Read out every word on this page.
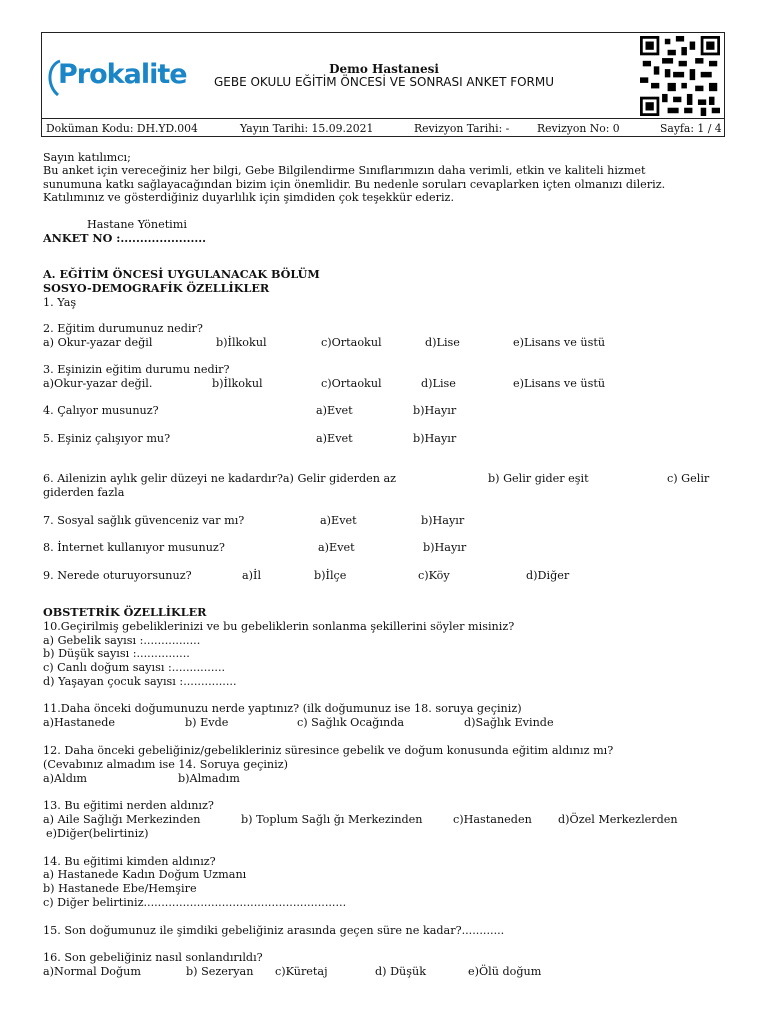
Prokalite	Demo Hastanesi
GEBE OKULU EĞİTİM ÖNCESİ VE SONRASI ANKET FORMU
Doküman Kodu: DH.YD.004	Yayın Tarihi: 15.09.2021	Revizyon Tarihi: -	Revizyon No: 0	Sayfa: 1 / 4
Sayın katılımcı;
Bu anket için vereceğiniz her bilgi, Gebe Bilgilendirme Sınıflarımızın daha verimli, etkin ve kaliteli hizmet
sunumuna katkı sağlayacağından bizim için önemlidir. Bu nedenle soruları cevaplarken içten olmanızı dileriz.
Katılımınız ve gösterdiğiniz duyarlılık için şimdiden çok teşekkür ederiz.
Hastane Yönetimi
ANKET NO :......................
A. EĞİTİM ÖNCESİ UYGULANACAK BÖLÜM
SOSYO-DEMOGRAFİK ÖZELLİKLER
1. Yaş
2. Eğitim durumunuz nedir?
a) Okur-yazar değil	b)İlkokul	c)Ortaokul	d)Lise	e)Lisans ve üstü
3. Eşinizin eğitim durumu nedir?
a)Okur-yazar değil.	b)İlkokul	c)Ortaokul	d)Lise	e)Lisans ve üstü
4. Çalıyor musunuz?	a)Evet	b)Hayır
5. Eşiniz çalışıyor mu?	a)Evet	b)Hayır
6. Ailenizin aylık gelir düzeyi ne kadardır?a) Gelir giderden az	b) Gelir gider eşit	c) Gelir
giderden fazla
7. Sosyal sağlık güvenceniz var mı?	a)Evet	b)Hayır
8. İnternet kullanıyor musunuz?	a)Evet	b)Hayır
9. Nerede oturuyorsunuz?	a)İl	b)İlçe	c)Köy	d)Diğer
OBSTETRİK ÖZELLİKLER
10.Geçirilmiş gebeliklerinizi ve bu gebeliklerin sonlanma şekillerini söyler misiniz?
a) Gebelik sayısı :................
b) Düşük sayısı :...............
c) Canlı doğum sayısı :...............
d) Yaşayan çocuk sayısı :...............
11.Daha önceki doğumunuzu nerde yaptınız? (ilk doğumunuz ise 18. soruya geçiniz)
a)Hastanede	b) Evde	c) Sağlık Ocağında	d)Sağlık Evinde
12. Daha önceki gebeliğiniz/gebelikleriniz süresince gebelik ve doğum konusunda eğitim aldınız mı?
(Cevabınız almadım ise 14. Soruya geçiniz)
a)Aldım	b)Almadım
13. Bu eğitimi nerden aldınız?
a) Aile Sağlığı Merkezinden	b) Toplum Sağlı ğı Merkezinden	c)Hastaneden d)Özel Merkezlerden
e)Diğer(belirtiniz)
14. Bu eğitimi kimden aldınız?
a) Hastanede Kadın Doğum Uzmanı
b) Hastanede Ebe/Hemşire
c) Diğer belirtiniz.........................................................
15. Son doğumunuz ile şimdiki gebeliğiniz arasında geçen süre ne kadar?............
16. Son gebeliğiniz nasıl sonlandırıldı?
a)Normal Doğum	b) Sezeryan c)Küretaj	d) Düşük	e)Ölü doğum
